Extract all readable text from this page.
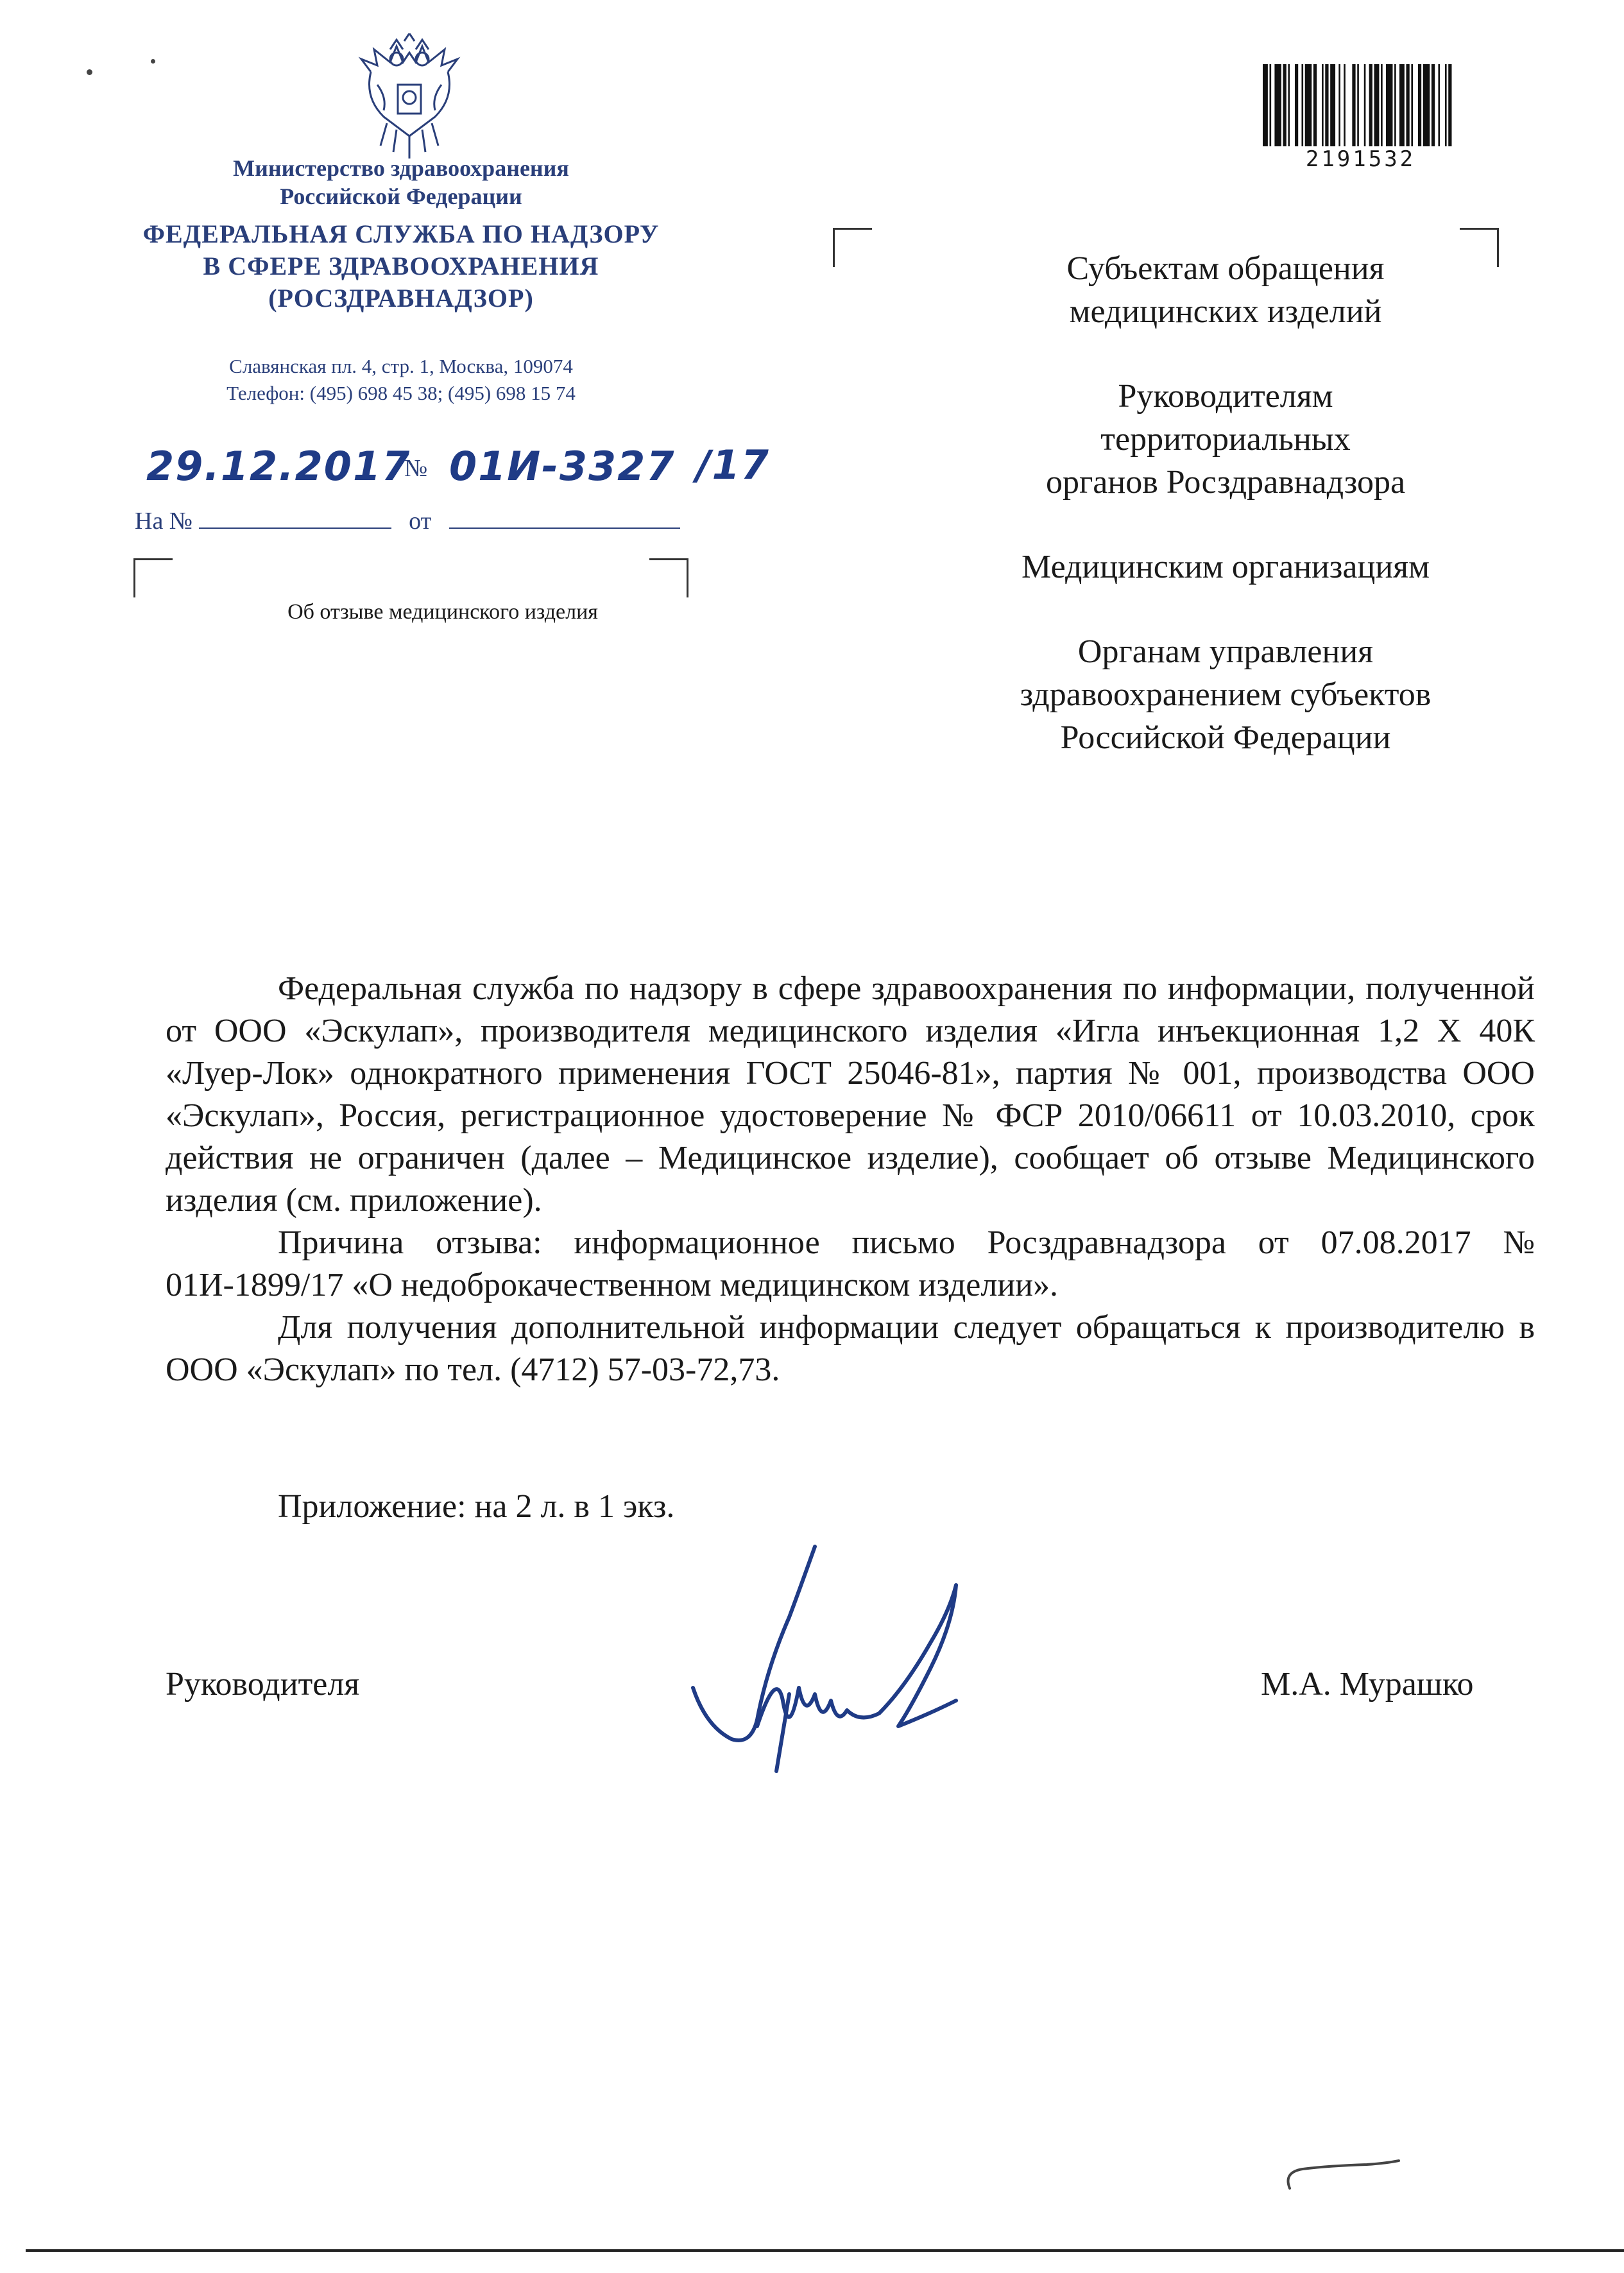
Министерство здравоохранения
Российской Федерации
ФЕДЕРАЛЬНАЯ СЛУЖБА ПО НАДЗОРУ
В СФЕРЕ ЗДРАВООХРАНЕНИЯ
(РОСЗДРАВНАДЗОР)
Славянская пл. 4, стр. 1, Москва, 109074
Телефон: (495) 698 45 38; (495) 698 15 74
29.12.2017
№ 01И-3327 /17
На №	от
Об отзыве медицинского изделия
2191532

Субъектам обращения
медицинских изделий

Руководителям
территориальных
органов Росздравнадзора

Медицинским организациям

Органам управления
здравоохранением субъектов
Российской Федерации

Федеральная служба по надзору в сфере здравоохранения по информации, полученной от ООО «Эскулап», производителя медицинского изделия «Игла инъекционная 1,2 Х 40К «Луер-Лок» однократного применения ГОСТ 25046-81», партия № 001, производства ООО «Эскулап», Россия, регистрационное удостоверение № ФСР 2010/06611 от 10.03.2010, срок действия не ограничен (далее – Медицинское изделие), сообщает об отзыве Медицинского изделия (см. приложение).

Причина отзыва: информационное письмо Росздравнадзора от 07.08.2017 № 01И-1899/17 «О недоброкачественном медицинском изделии».

Для получения дополнительной информации следует обращаться к производителю в ООО «Эскулап» по тел. (4712) 57-03-72,73.

Приложение: на 2 л. в 1 экз.
Руководителя	М.А. Мурашко
